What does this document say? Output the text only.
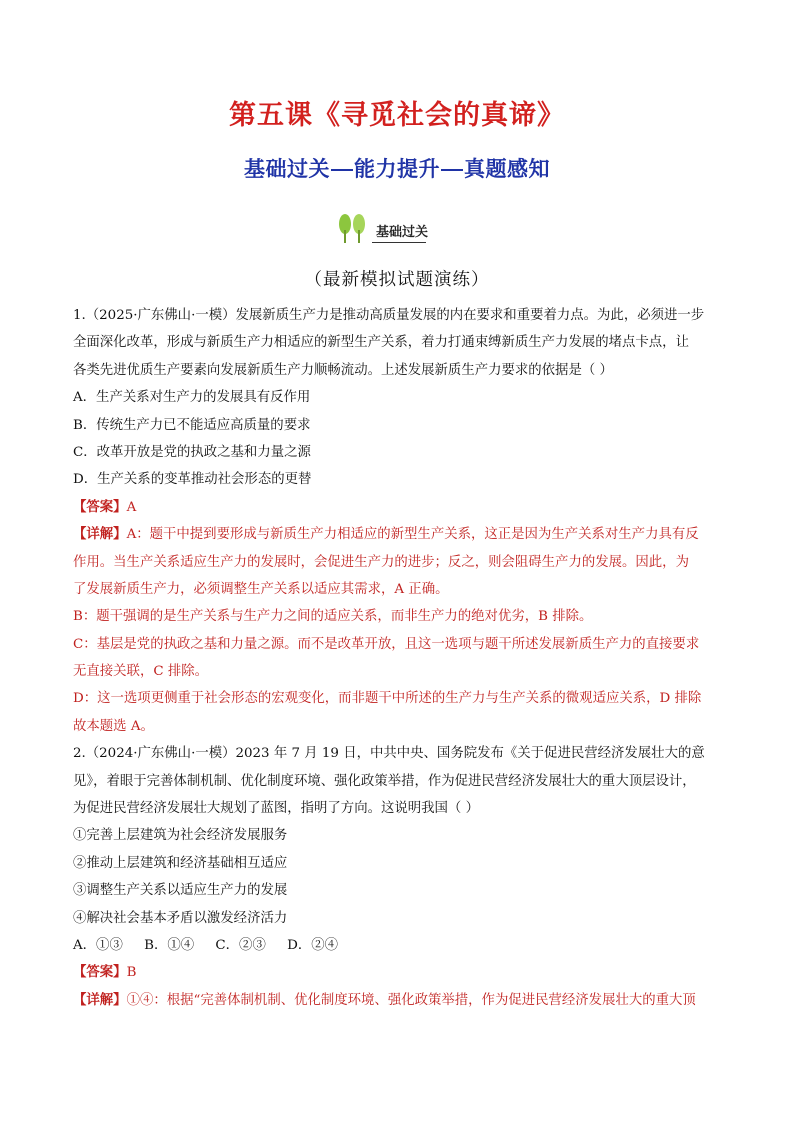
第五课《寻觅社会的真谛》
基础过关 能力提升 真题感知
基础过关

（最新模拟试题演练）

1.（2025·广东佛山·一模）发展新质生产力是推动高质量发展的内在要求和重要着力点。为此，必须进一步

全面深化改革，形成与新质生产力相适应的新型生产关系，着力打通束缚新质生产力发展的堵点卡点，让

各类先进优质生产要素向发展新质生产力顺畅流动。上述发展新质生产力要求的依据是（ ）

A．生产关系对生产力的发展具有反作用

B．传统生产力已不能适应高质量的要求

C．改革开放是党的执政之基和力量之源

D．生产关系的变革推动社会形态的更替

【答案】A

【详解】A：题干中提到要形成与新质生产力相适应的新型生产关系，这正是因为生产关系对生产力具有反

作用。当生产关系适应生产力的发展时，会促进生产力的进步；反之，则会阻碍生产力的发展。因此，为

了发展新质生产力，必须调整生产关系以适应其需求，A 正确。

B：题干强调的是生产关系与生产力之间的适应关系，而非生产力的绝对优劣，B 排除。

C：基层是党的执政之基和力量之源。而不是改革开放，且这一选项与题干所述发展新质生产力的直接要求

无直接关联，C 排除。

D：这一选项更侧重于社会形态的宏观变化，而非题干中所述的生产力与生产关系的微观适应关系，D 排除

故本题选 A。

2.（2024·广东佛山·一模）2023 年 7 月 19 日，中共中央、国务院发布《关于促进民营经济发展壮大的意

见》，着眼于完善体制机制、优化制度环境、强化政策举措，作为促进民营经济发展壮大的重大顶层设计，

为促进民营经济发展壮大规划了蓝图，指明了方向。这说明我国（ ）

①完善上层建筑为社会经济发展服务

②推动上层建筑和经济基础相互适应

③调整生产关系以适应生产力的发展

④解决社会基本矛盾以激发经济活力

A．①③     B．①④     C．②③     D．②④

【答案】B

【详解】①④：根据“完善体制机制、优化制度环境、强化政策举措，作为促进民营经济发展壮大的重大顶
